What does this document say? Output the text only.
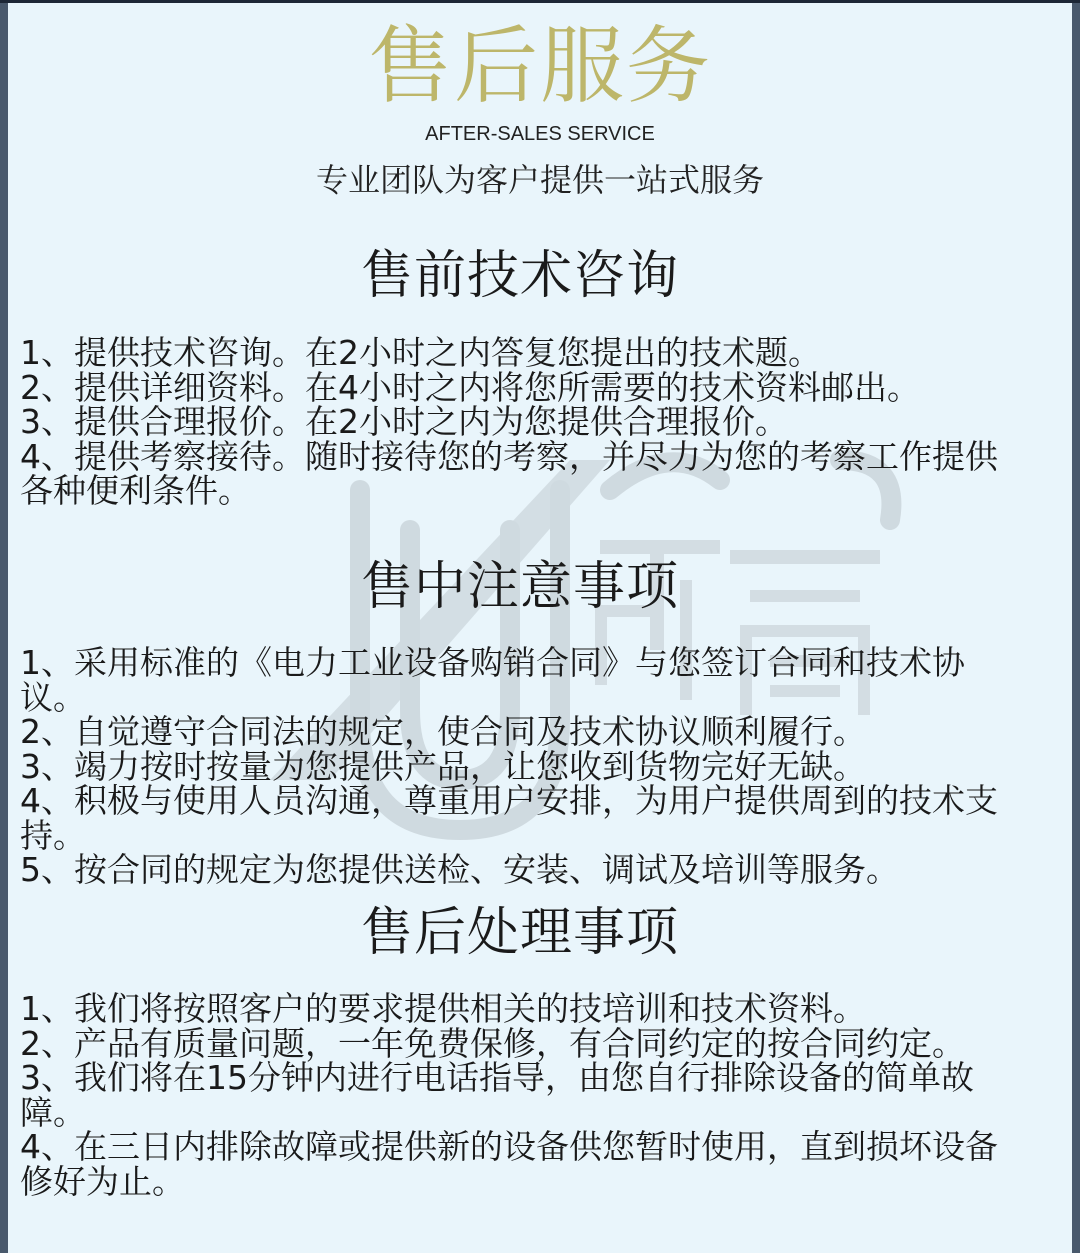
售后服务
AFTER-SALES SERVICE
专业团队为客户提供一站式服务
售前技术咨询
1、提供技术咨询。在2小时之内答复您提出的技术题。
2、提供详细资料。在4小时之内将您所需要的技术资料邮出。
3、提供合理报价。在2小时之内为您提供合理报价。
4、提供考察接待。随时接待您的考察，并尽力为您的考察工作提供各种便利条件。
售中注意事项
1、采用标准的《电力工业设备购销合同》与您签订合同和技术协议。
2、自觉遵守合同法的规定，使合同及技术协议顺利履行。
3、竭力按时按量为您提供产品，让您收到货物完好无缺。
4、积极与使用人员沟通，尊重用户安排，为用户提供周到的技术支持。
5、按合同的规定为您提供送检、安装、调试及培训等服务。
售后处理事项
1、我们将按照客户的要求提供相关的技培训和技术资料。
2、产品有质量问题，一年免费保修，有合同约定的按合同约定。
3、我们将在15分钟内进行电话指导，由您自行排除设备的简单故障。
4、在三日内排除故障或提供新的设备供您暂时使用，直到损坏设备修好为止。
